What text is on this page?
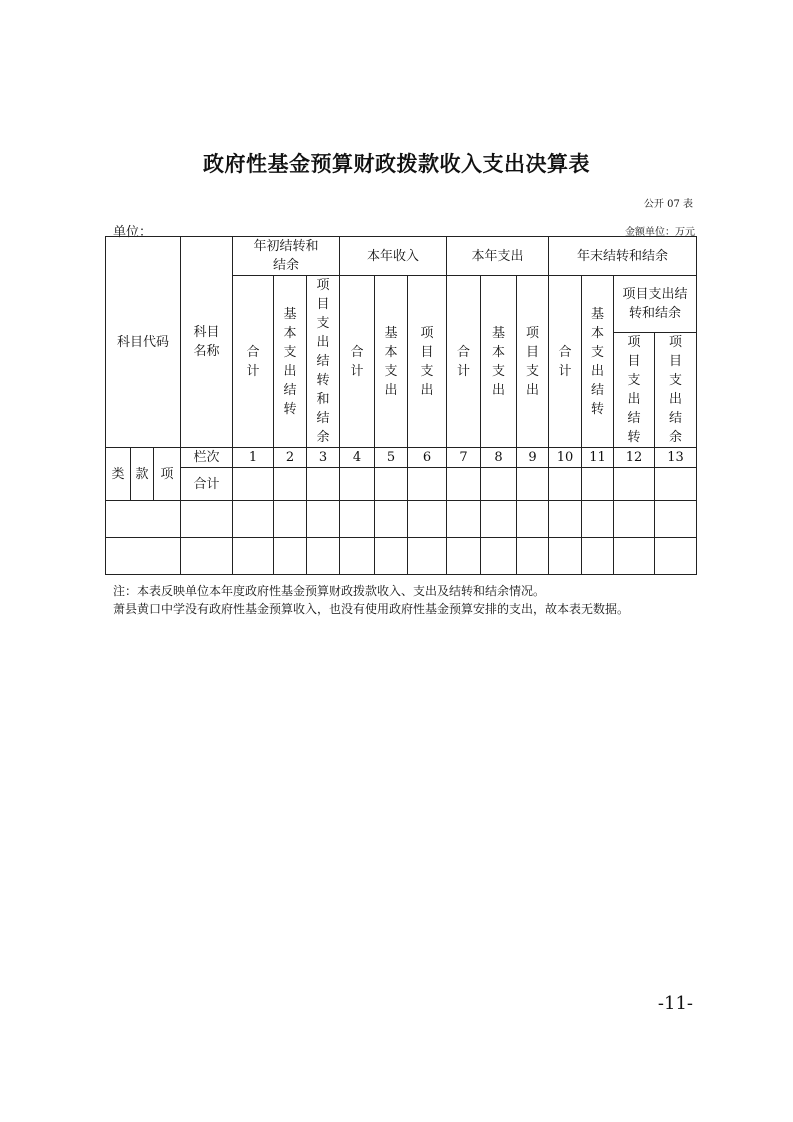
政府性基金预算财政拨款收入支出决算表
公开 07 表
单位：	金额单位：万元
科目代码			科目名称	年初结转和结余			本年收入			本年支出			年末结转和结余			
				合计	基本支出结转	项目支出结转和结余	合计	基本支出	项目支出	合计	基本支出	项目支出	合计	基本支出结转	项目支出结转和结余	
															项目支出结转	项目支出结余
类	款	项	栏次	1	2	3	4	5	6	7	8	9	10	11	12	13
			合计													

注：本表反映单位本年度政府性基金预算财政拨款收入、支出及结转和结余情况。

萧县黄口中学没有政府性基金预算收入，也没有使用政府性基金预算安排的支出，故本表无数据。

-11-
